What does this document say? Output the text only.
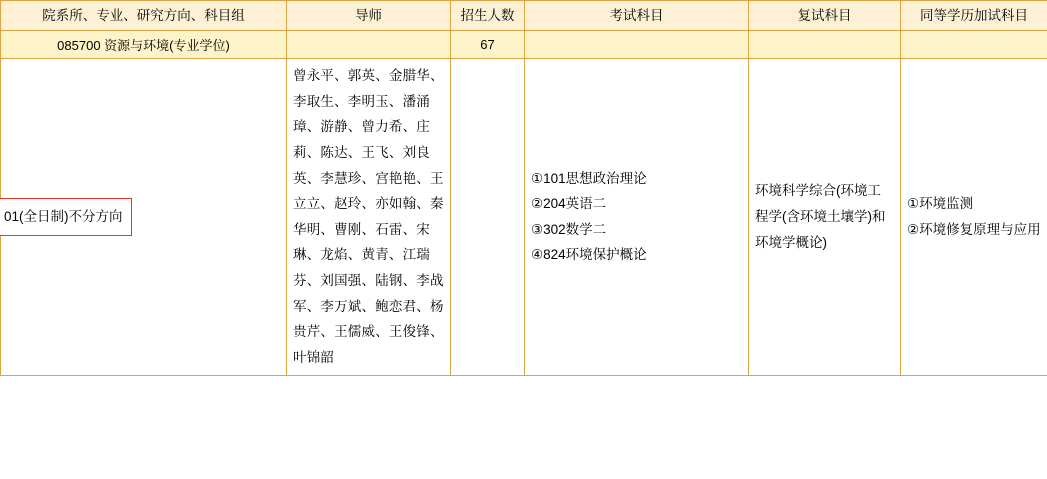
院系所、专业、研究方向、科目组	导师	招生人数	考试科目	复试科目	同等学历加试科目
085700 资源与环境(专业学位)		67			
01(全日制)不分方向	曾永平、郭英、金腊华、李取生、李明玉、潘涌璋、游静、曾力希、庄莉、陈达、王飞、刘良英、李慧珍、宫艳艳、王立立、赵玲、亦如翰、秦华明、曹刚、石雷、宋琳、龙焰、黄青、江瑞芬、刘国强、陆钢、李战军、李万斌、鲍恋君、杨贵芹、王儒威、王俊锋、叶锦韶		①101思想政治理论
②204英语二
③302数学二
④824环境保护概论	环境科学综合(环境工程学(含环境土壤学)和环境学概论)	①环境监测
②环境修复原理与应用
